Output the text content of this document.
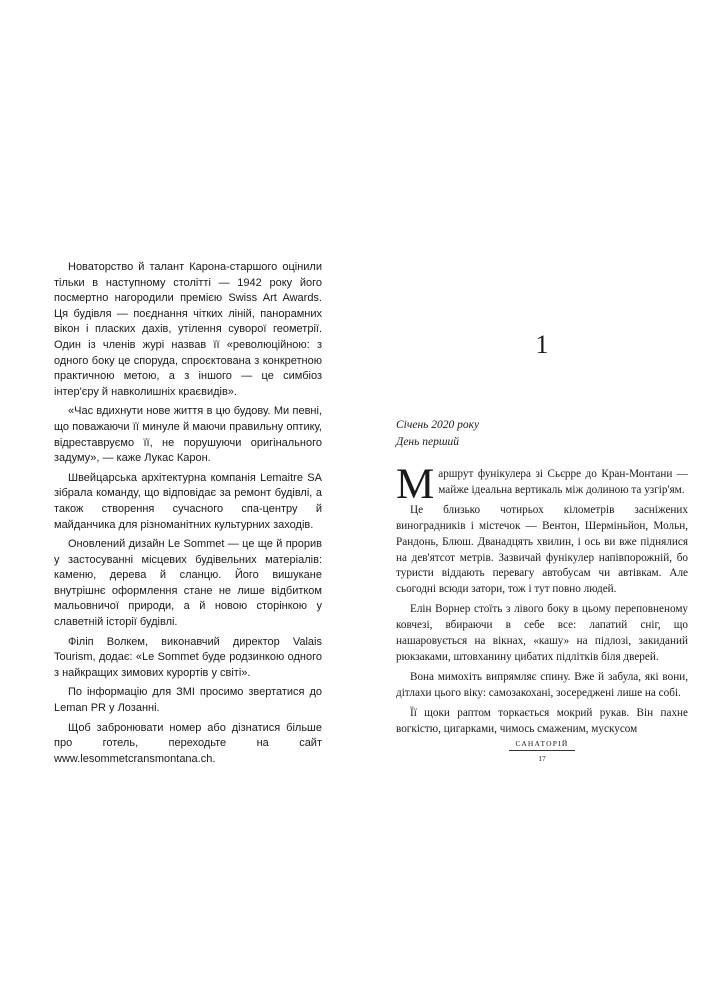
Новаторство й талант Карона-старшого оцінили тільки в наступному столітті — 1942 року його посмертно нагородили премією Swiss Art Awards. Ця будівля — поєднання чітких ліній, панорамних вікон і пласких дахів, утілення суворої геометрії. Один із членів журі назвав її «революційною: з одного боку це споруда, спроєктована з конкретною практичною метою, а з іншого — це симбіоз інтер'єру й навколишніх краєвидів».

«Час вдихнути нове життя в цю будову. Ми певні, що поважаючи її минуле й маючи правильну оптику, відреставруємо її, не порушуючи оригінального задуму», — каже Лукас Карон.

Швейцарська архітектурна компанія Lemaitre SA зібрала команду, що відповідає за ремонт будівлі, а також створення сучасного спа-центру й майданчика для різноманітних культурних заходів.

Оновлений дизайн Le Sommet — це ще й прорив у застосуванні місцевих будівельних матеріалів: каменю, дерева й сланцю. Його вишукане внутрішнє оформлення стане не лише відбитком мальовничої природи, а й новою сторінкою у славетній історії будівлі.

Філіп Волкем, виконавчий директор Valais Tourism, додає: «Le Sommet буде родзинкою одного з найкращих зимових курортів у світі».

По інформацію для ЗМІ просимо звертатися до Leman PR у Лозанні.

Щоб забронювати номер або дізнатися більше про готель, переходьте на сайт www.lesommetcransmontana.ch.

1
Січень 2020 року
День перший

Маршрут фунікулера зі Сьєрре до Кран-Монтани — майже ідеальна вертикаль між долиною та узгір'ям.

Це близько чотирьох кілометрів засніжених виноградників і містечок — Вентон, Шерміньйон, Мольн, Рандонь, Блюш. Дванадцять хвилин, і ось ви вже піднялися на дев'ятсот метрів. Зазвичай фунікулер напівпорожній, бо туристи віддають перевагу автобусам чи автівкам. Але сьогодні всюди затори, тож і тут повно людей.

Елін Ворнер стоїть з лівого боку в цьому переповненому ковчезі, вбираючи в себе все: лапатий сніг, що нашаровується на вікнах, «кашу» на підлозі, закиданий рюкзаками, штовханину цибатих підлітків біля дверей.

Вона мимохіть випрямляє спину. Вже й забула, які вони, дітлахи цього віку: самозакохані, зосереджені лише на собі.

Її щоки раптом торкається мокрий рукав. Він пахне вогкістю, цигарками, чимось смаженим, мускусом

САНАТОРІЙ
17
